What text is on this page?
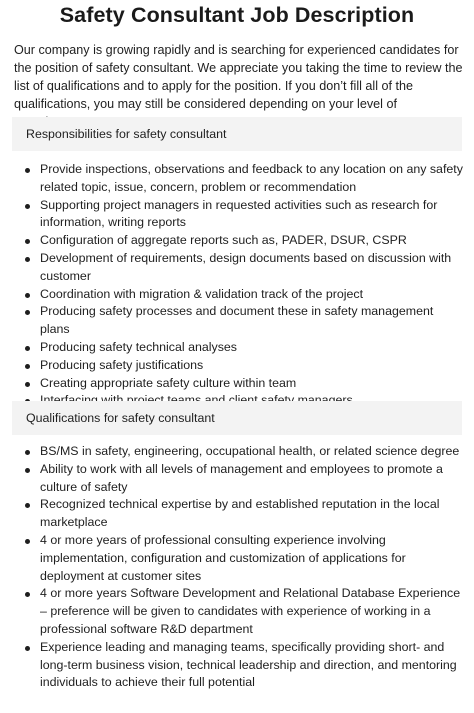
Safety Consultant Job Description

Our company is growing rapidly and is searching for experienced candidates for the position of safety consultant. We appreciate you taking the time to review the list of qualifications and to apply for the position. If you don’t fill all of the qualifications, you may still be considered depending on your level of

Responsibilities for safety consultant
Provide inspections, observations and feedback to any location on any safety related topic, issue, concern, problem or recommendation
Supporting project managers in requested activities such as research for information, writing reports
Configuration of aggregate reports such as, PADER, DSUR, CSPR
Development of requirements, design documents based on discussion with customer
Coordination with migration & validation track of the project
Producing safety processes and document these in safety management plans
Producing safety technical analyses
Producing safety justifications
Creating appropriate safety culture within team
Qualifications for safety consultant
BS/MS in safety, engineering, occupational health, or related science degree
Ability to work with all levels of management and employees to promote a culture of safety
Recognized technical expertise by and established reputation in the local marketplace
4 or more years of professional consulting experience involving implementation, configuration and customization of applications for deployment at customer sites
4 or more years Software Development and Relational Database Experience – preference will be given to candidates with experience of working in a professional software R&D department
Experience leading and managing teams, specifically providing short- and long-term business vision, technical leadership and direction, and mentoring individuals to achieve their full potential
